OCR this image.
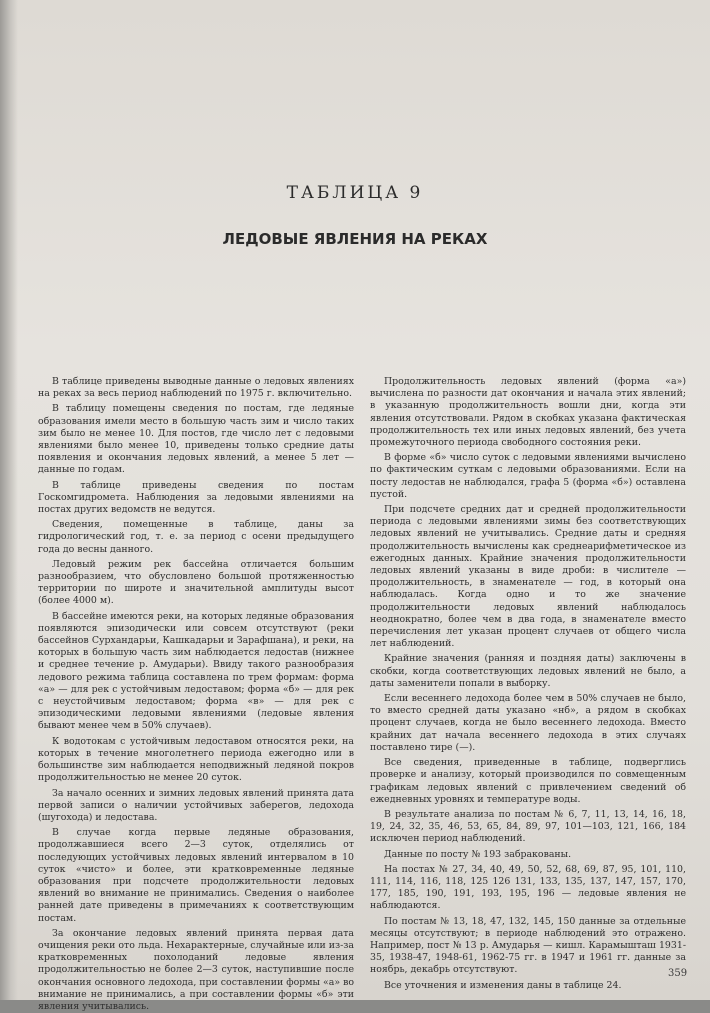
ТАБЛИЦА 9
ЛЕДОВЫЕ ЯВЛЕНИЯ НА РЕКАХ

В таблице приведены выводные данные о ледовых явлениях на реках за весь период наблюдений по 1975 г. включительно.

В таблицу помещены сведения по постам, где ледяные образования имели место в большую часть зим и число таких зим было не менее 10. Для постов, где число лет с ледовыми явлениями было менее 10, приведены только средние даты появления и окончания ледовых явлений, а менее 5 лет — данные по годам.

В таблице приведены сведения по постам Госкомгидромета. Наблюдения за ледовыми явлениями на постах других ведомств не ведутся.

Сведения, помещенные в таблице, даны за гидрологический год, т. е. за период с осени предыдущего года до весны данного.

Ледовый режим рек бассейна отличается большим разнообразием, что обусловлено большой протяженностью территории по широте и значительной амплитуды высот (более 4000 м).

В бассейне имеются реки, на которых ледяные образования появляются эпизодически или совсем отсутствуют (реки бассейнов Сурхандарьи, Кашкадарьи и Зарафшана), и реки, на которых в большую часть зим наблюдается ледостав (нижнее и среднее течение р. Амударьи). Ввиду такого разнообразия ледового режима таблица составлена по трем формам: форма «а» — для рек с устойчивым ледоставом; форма «б» — для рек с неустойчивым ледоставом; форма «в» — для рек с эпизодическими ледовыми явлениями (ледовые явления бывают менее чем в 50% случаев).

К водотокам с устойчивым ледоставом относятся реки, на которых в течение многолетнего периода ежегодно или в большинстве зим наблюдается неподвижный ледяной покров продолжительностью не менее 20 суток.

За начало осенних и зимних ледовых явлений принята дата первой записи о наличии устойчивых заберегов, ледохода (шугохода) и ледостава.

В случае когда первые ледяные образования, продолжавшиеся всего 2—3 суток, отделялись от последующих устойчивых ледовых явлений интервалом в 10 суток «чисто» и более, эти кратковременные ледяные образования при подсчете продолжительности ледовых явлений во внимание не принимались. Сведения о наиболее ранней дате приведены в примечаниях к соответствующим постам.

За окончание ледовых явлений принята первая дата очищения реки ото льда. Нехарактерные, случайные или из-за кратковременных похолоданий ледовые явления продолжительностью не более 2—3 суток, наступившие после окончания основного ледохода, при составлении формы «а» во внимание не принимались, а при составлении формы «б» эти явления учитывались.

Продолжительность ледовых явлений (форма «а») вычислена по разности дат окончания и начала этих явлений; в указанную продолжительность вошли дни, когда эти явления отсутствовали. Рядом в скобках указана фактическая продолжительность тех или иных ледовых явлений, без учета промежуточного периода свободного состояния реки.

В форме «б» число суток с ледовыми явлениями вычислено по фактическим суткам с ледовыми образованиями. Если на посту ледостав не наблюдался, графа 5 (форма «б») оставлена пустой.

При подсчете средних дат и средней продолжительности периода с ледовыми явлениями зимы без соответствующих ледовых явлений не учитывались. Средние даты и средняя продолжительность вычислены как среднеарифметическое из ежегодных данных. Крайние значения продолжительности ледовых явлений указаны в виде дроби: в числителе — продолжительность, в знаменателе — год, в который она наблюдалась. Когда одно и то же значение продолжительности ледовых явлений наблюдалось неоднократно, более чем в два года, в знаменателе вместо перечисления лет указан процент случаев от общего числа лет наблюдений.

Крайние значения (ранняя и поздняя даты) заключены в скобки, когда соответствующих ледовых явлений не было, а даты заменители попали в выборку.

Если весеннего ледохода более чем в 50% случаев не было, то вместо средней даты указано «нб», а рядом в скобках процент случаев, когда не было весеннего ледохода. Вместо крайних дат начала весеннего ледохода в этих случаях поставлено тире (—).

Все сведения, приведенные в таблице, подверглись проверке и анализу, который производился по совмещенным графикам ледовых явлений с привлечением сведений об ежедневных уровнях и температуре воды.

В результате анализа по постам № 6, 7, 11, 13, 14, 16, 18, 19, 24, 32, 35, 46, 53, 65, 84, 89, 97, 101—103, 121, 166, 184 исключен период наблюдений.

Данные по посту № 193 забракованы.

На постах № 27, 34, 40, 49, 50, 52, 68, 69, 87, 95, 101, 110, 111, 114, 116, 118, 125 126 131, 133, 135, 137, 147, 157, 170, 177, 185, 190, 191, 193, 195, 196 — ледовые явления не наблюдаются.

По постам № 13, 18, 47, 132, 145, 150 данные за отдельные месяцы отсутствуют; в периоде наблюдений это отражено. Например, пост № 13 р. Амударья — кишл. Карамышташ 1931-35, 1938-47, 1948-61, 1962-75 гг. в 1947 и 1961 гг. данные за ноябрь, декабрь отсутствуют.

Все уточнения и изменения даны в таблице 24.

359
